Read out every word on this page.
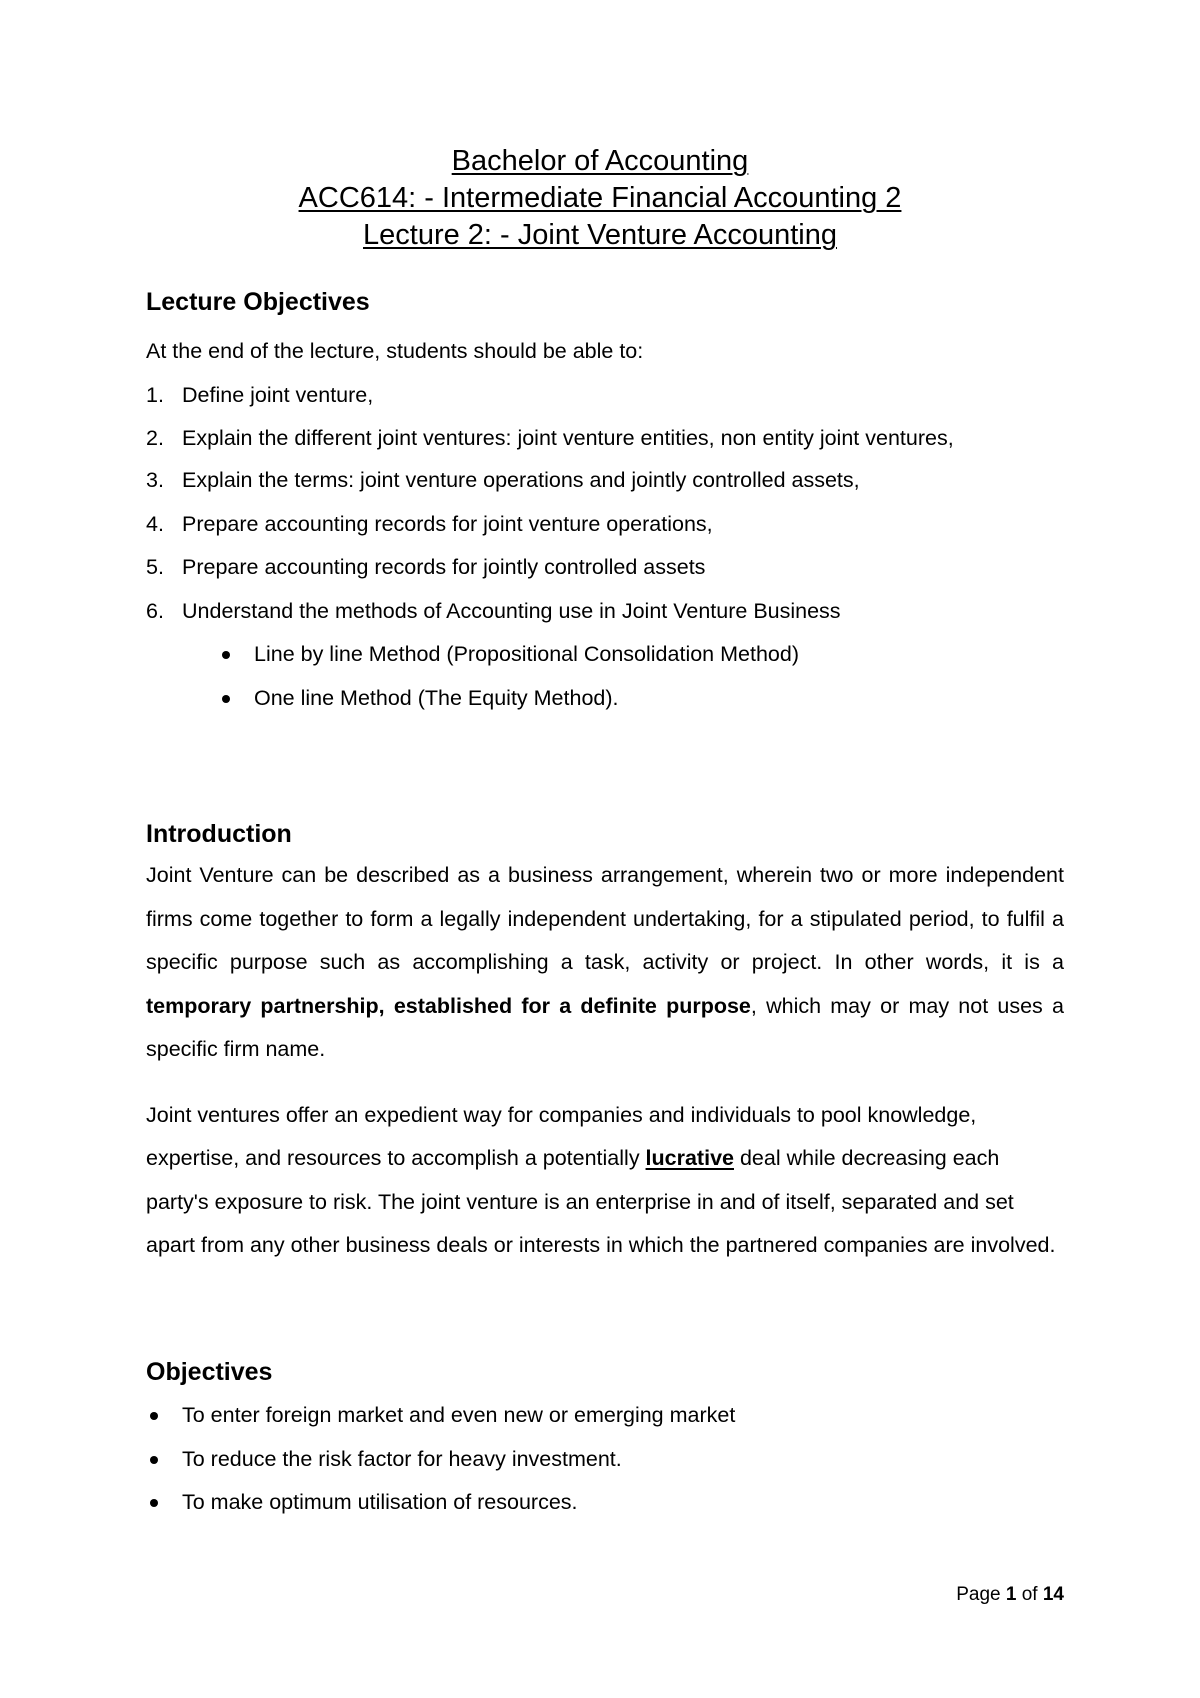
Bachelor of Accounting

ACC614: - Intermediate Financial Accounting 2

Lecture 2: - Joint Venture Accounting

Lecture Objectives

At the end of the lecture, students should be able to:

1. Define joint venture,
2. Explain the different joint ventures: joint venture entities, non entity joint ventures,
3. Explain the terms: joint venture operations and jointly controlled assets,
4. Prepare accounting records for joint venture operations,
5. Prepare accounting records for jointly controlled assets
6. Understand the methods of Accounting use in Joint Venture Business
Line by line Method (Propositional Consolidation Method)
One line Method (The Equity Method).
Introduction

Joint Venture can be described as a business arrangement, wherein two or more independent firms come together to form a legally independent undertaking, for a stipulated period, to fulfil a specific purpose such as accomplishing a task, activity or project. In other words, it is a temporary partnership, established for a definite purpose, which may or may not uses a specific firm name.

Joint ventures offer an expedient way for companies and individuals to pool knowledge, expertise, and resources to accomplish a potentially lucrative deal while decreasing each party's exposure to risk. The joint venture is an enterprise in and of itself, separated and set apart from any other business deals or interests in which the partnered companies are involved.

Objectives
To enter foreign market and even new or emerging market
To reduce the risk factor for heavy investment.
To make optimum utilisation of resources.
Page 1 of 14
